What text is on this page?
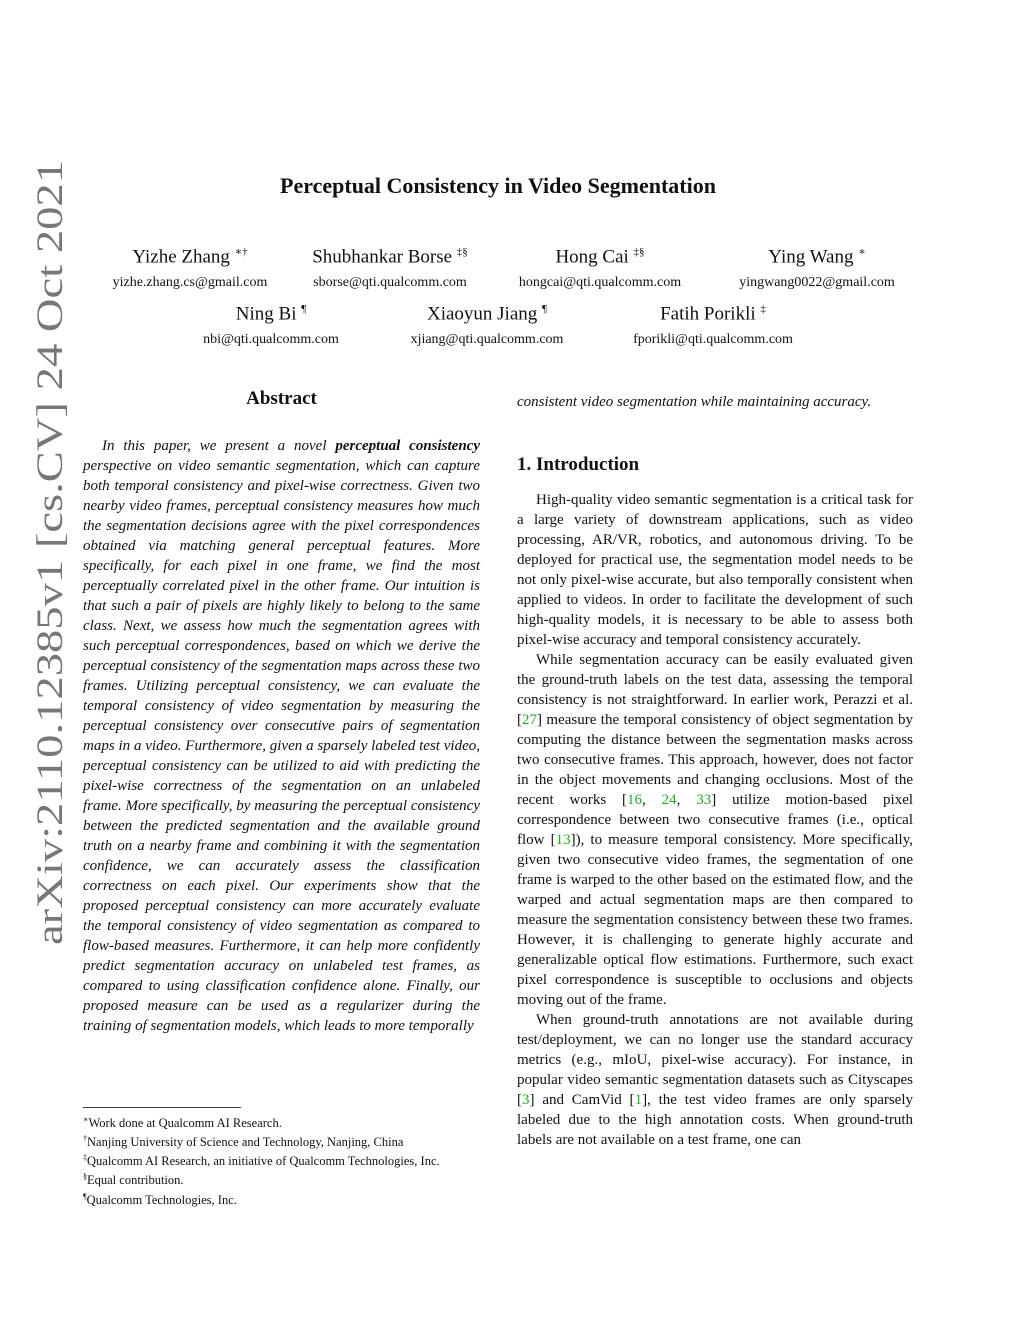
arXiv:2110.12385v1 [cs.CV] 24 Oct 2021
Perceptual Consistency in Video Segmentation
Yizhe Zhang ∗†
yizhe.zhang.cs@gmail.com
Shubhankar Borse ‡§
sborse@qti.qualcomm.com
Hong Cai ‡§
hongcai@qti.qualcomm.com
Ying Wang ∗
yingwang0022@gmail.com
Ning Bi ¶
nbi@qti.qualcomm.com
Xiaoyun Jiang ¶
xjiang@qti.qualcomm.com
Fatih Porikli ‡
fporikli@qti.qualcomm.com
Abstract

In this paper, we present a novel perceptual consistency perspective on video semantic segmentation, which can capture both temporal consistency and pixel-wise correctness. Given two nearby video frames, perceptual consistency measures how much the segmentation decisions agree with the pixel correspondences obtained via matching general perceptual features. More specifically, for each pixel in one frame, we find the most perceptually correlated pixel in the other frame. Our intuition is that such a pair of pixels are highly likely to belong to the same class. Next, we assess how much the segmentation agrees with such perceptual correspondences, based on which we derive the perceptual consistency of the segmentation maps across these two frames. Utilizing perceptual consistency, we can evaluate the temporal consistency of video segmentation by measuring the perceptual consistency over consecutive pairs of segmentation maps in a video. Furthermore, given a sparsely labeled test video, perceptual consistency can be utilized to aid with predicting the pixel-wise correctness of the segmentation on an unlabeled frame. More specifically, by measuring the perceptual consistency between the predicted segmentation and the available ground truth on a nearby frame and combining it with the segmentation confidence, we can accurately assess the classification correctness on each pixel. Our experiments show that the proposed perceptual consistency can more accurately evaluate the temporal consistency of video segmentation as compared to flow-based measures. Furthermore, it can help more confidently predict segmentation accuracy on unlabeled test frames, as compared to using classification confidence alone. Finally, our proposed measure can be used as a regularizer during the training of segmentation models, which leads to more temporally

∗Work done at Qualcomm AI Research.
†Nanjing University of Science and Technology, Nanjing, China
‡Qualcomm AI Research, an initiative of Qualcomm Technologies, Inc.
§Equal contribution.
¶Qualcomm Technologies, Inc.

consistent video segmentation while maintaining accuracy.

1. Introduction

High-quality video semantic segmentation is a critical task for a large variety of downstream applications, such as video processing, AR/VR, robotics, and autonomous driving. To be deployed for practical use, the segmentation model needs to be not only pixel-wise accurate, but also temporally consistent when applied to videos. In order to facilitate the development of such high-quality models, it is necessary to be able to assess both pixel-wise accuracy and temporal consistency accurately.

While segmentation accuracy can be easily evaluated given the ground-truth labels on the test data, assessing the temporal consistency is not straightforward. In earlier work, Perazzi et al. [27] measure the temporal consistency of object segmentation by computing the distance between the segmentation masks across two consecutive frames. This approach, however, does not factor in the object movements and changing occlusions. Most of the recent works [16, 24, 33] utilize motion-based pixel correspondence between two consecutive frames (i.e., optical flow [13]), to measure temporal consistency. More specifically, given two consecutive video frames, the segmentation of one frame is warped to the other based on the estimated flow, and the warped and actual segmentation maps are then compared to measure the segmentation consistency between these two frames. However, it is challenging to generate highly accurate and generalizable optical flow estimations. Furthermore, such exact pixel correspondence is susceptible to occlusions and objects moving out of the frame.

When ground-truth annotations are not available during test/deployment, we can no longer use the standard accuracy metrics (e.g., mIoU, pixel-wise accuracy). For instance, in popular video semantic segmentation datasets such as Cityscapes [3] and CamVid [1], the test video frames are only sparsely labeled due to the high annotation costs. When ground-truth labels are not available on a test frame, one can
